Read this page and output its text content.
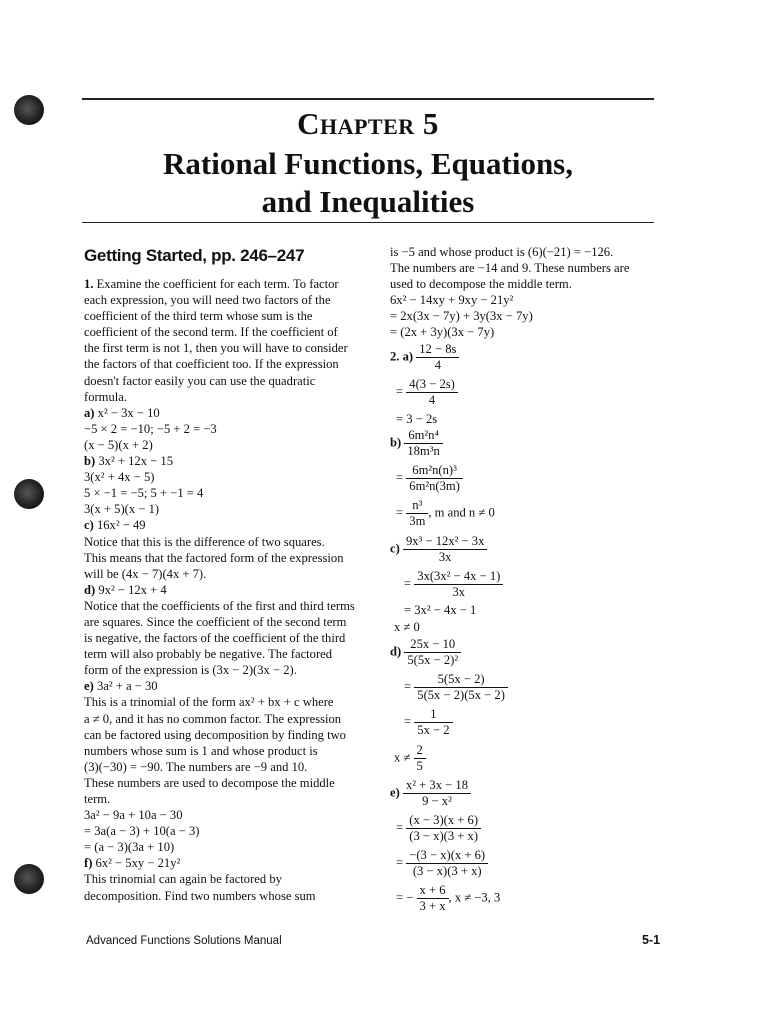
Chapter 5
Rational Functions, Equations,
and Inequalities
Getting Started, pp. 246–247

1. Examine the coefficient for each term. To factor

each expression, you will need two factors of the

coefficient of the third term whose sum is the

coefficient of the second term. If the coefficient of

the first term is not 1, then you will have to consider

the factors of that coefficient too. If the expression

doesn't factor easily you can use the quadratic

formula.

a) x² − 3x − 10

−5 × 2 = −10; −5 + 2 = −3

(x − 5)(x + 2)

b) 3x² + 12x − 15

3(x² + 4x − 5)

5 × −1 = −5; 5 + −1 = 4

3(x + 5)(x − 1)

c) 16x² − 49

Notice that this is the difference of two squares.

This means that the factored form of the expression

will be (4x − 7)(4x + 7).

d) 9x² − 12x + 4

Notice that the coefficients of the first and third terms

are squares. Since the coefficient of the second term

is negative, the factors of the coefficient of the third

term will also probably be negative. The factored

form of the expression is (3x − 2)(3x − 2).

e) 3a² + a − 30

This is a trinomial of the form ax² + bx + c where

a ≠ 0, and it has no common factor. The expression

can be factored using decomposition by finding two

numbers whose sum is 1 and whose product is

(3)(−30) = −90. The numbers are −9 and 10.

These numbers are used to decompose the middle

term.

3a² − 9a + 10a − 30

= 3a(a − 3) + 10(a − 3)

= (a − 3)(3a + 10)

f) 6x² − 5xy − 21y²

This trinomial can again be factored by

decomposition. Find two numbers whose sum

is −5 and whose product is (6)(−21) = −126.

The numbers are −14 and 9. These numbers are

used to decompose the middle term.

6x² − 14xy + 9xy − 21y²

= 2x(3x − 7y) + 3y(3x − 7y)

= (2x + 3y)(3x − 7y)

2. $a) \frac{12 - 8s}{4}$
= $\frac{4(3 - 2s)}{4}$
= 3 − 2s
$b) \frac{\text{6m²n⁴}}{\text{18m³n}}$
= $\frac{\text{6m²n(n)³}}{\text{6m²n(3m)}}$
= $\frac{\text{n³}}{3m}$ , m and n ≠ 0
$c) \frac{\text{9x³ − 12x² − 3x}}{3x}$
= $\frac{\text{3x(3x² − 4x − 1)}}{3x}$
= 3x² − 4x − 1
x ≠ 0
$d) \frac{25x - 10}{\text{5(5x − 2)²}}$
= $\frac{5(5x - 2)}{5(5x - 2)(5x - 2)}$
= $\frac{1}{5x - 2}$
$x \ne \frac{2}{5}$
$e) \frac{\text{x² + 3x − 18}}{\text{9 − x²}}$
= $\frac{(x - 3)(x + 6)}{(3 - x)(3 + x)}$
= $\frac{-(3 - x)(x + 6)}{(3 - x)(3 + x)}$
= − $\frac{x + 6}{3 + x}$ , x ≠ −3, 3
Advanced Functions Solutions Manual	5-1
